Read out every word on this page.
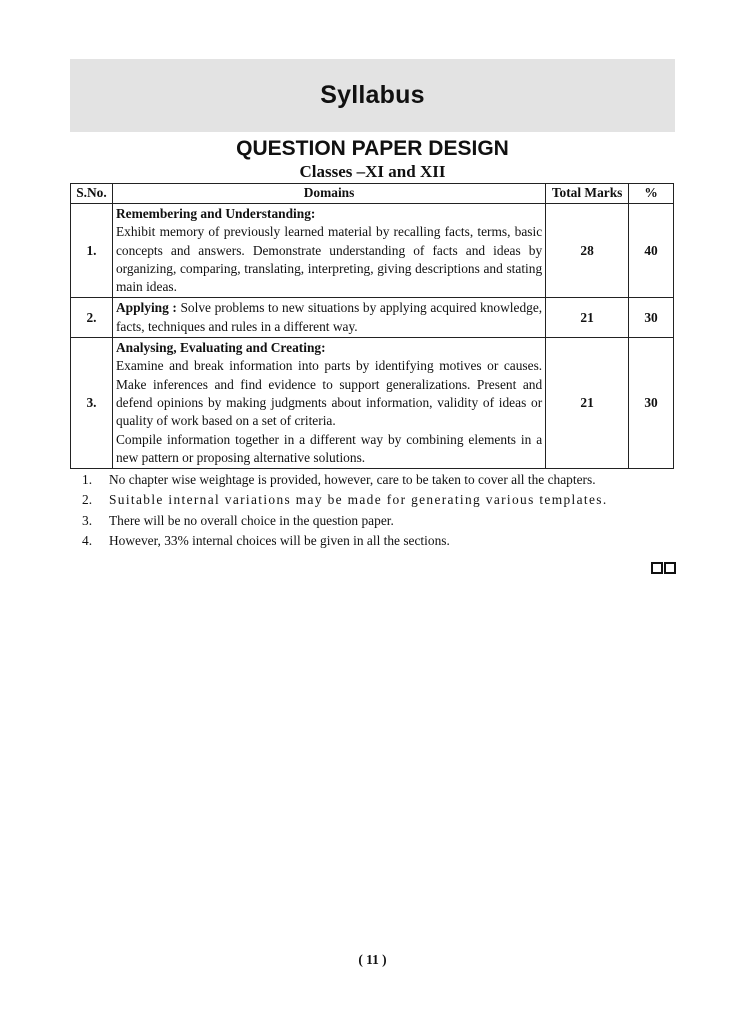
Syllabus
QUESTION PAPER DESIGN
Classes –XI and XII
S.No.	Domains	Total Marks	%
1.	Remembering and Understanding:
Exhibit memory of previously learned material by recalling facts, terms, basic concepts and answers. Demonstrate understanding of facts and ideas by organizing, comparing, translating, interpreting, giving descriptions and stating main ideas.	28	40
2.	Applying : Solve problems to new situations by applying acquired knowledge, facts, techniques and rules in a different way.	21	30
3.	Analysing, Evaluating and Creating:
Examine and break information into parts by identifying motives or causes. Make inferences and find evidence to support generalizations. Present and defend opinions by making judgments about information, validity of ideas or quality of work based on a set of criteria.
Compile information together in a different way by combining elements in a new pattern or proposing alternative solutions.	21	30
1.	No chapter wise weightage is provided, however, care to be taken to cover all the chapters.
2.	Suitable internal variations may be made for generating various templates.
3.	There will be no overall choice in the question paper.
4.	However, 33% internal choices will be given in all the sections.
( 11 )
